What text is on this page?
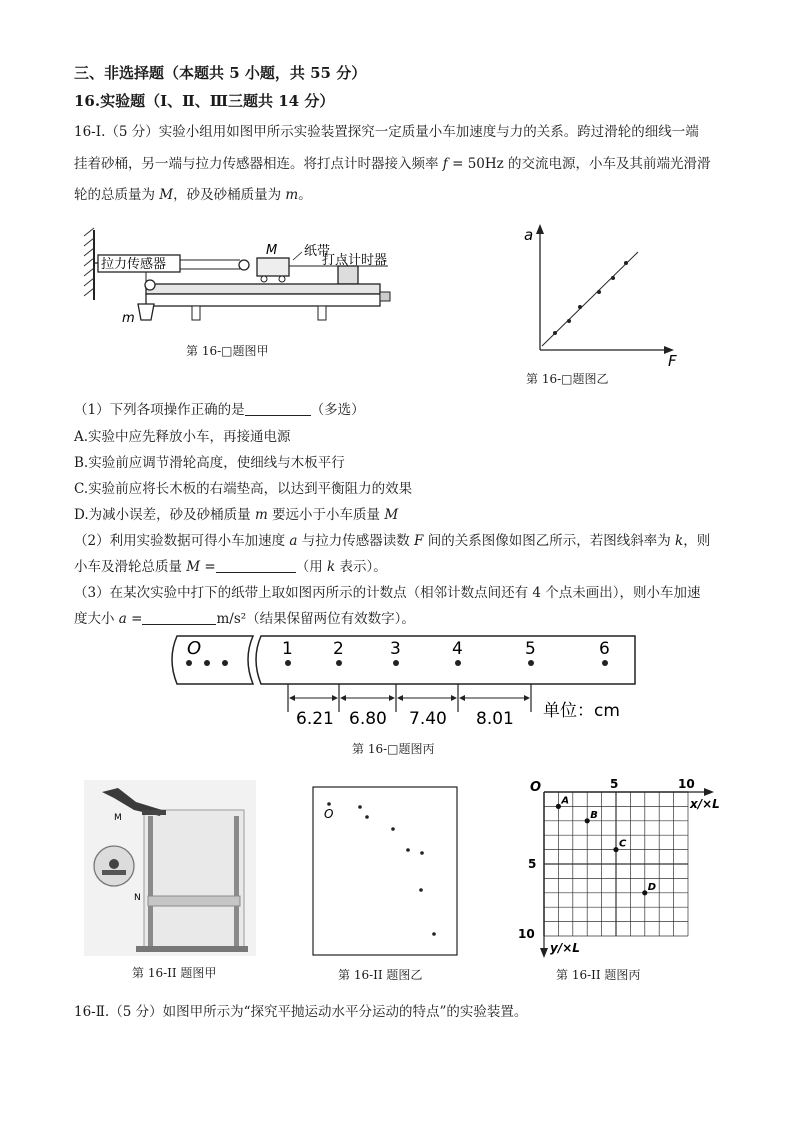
三、非选择题（本题共 5 小题，共 55 分）
16.实验题（Ⅰ、Ⅱ、Ⅲ三题共 14 分）
16-Ⅰ.（5 分）实验小组用如图甲所示实验装置探究一定质量小车加速度与力的关系。跨过滑轮的细线一端
挂着砂桶，另一端与拉力传感器相连。将打点计时器接入频率 f = 50Hz 的交流电源，小车及其前端光滑滑
轮的总质量为 M，砂及砂桶质量为 m。
拉力传感器
M 纸带
打点计时器
m
第 16-□题图甲
a
F
第 16-□题图乙
（1）下列各项操作正确的是	（多选）
A.实验中应先释放小车，再接通电源
B.实验前应调节滑轮高度，使细线与木板平行
C.实验前应将长木板的右端垫高，以达到平衡阻力的效果
D.为减小误差，砂及砂桶质量 m 要远小于小车质量 M
（2）利用实验数据可得小车加速度 a 与拉力传感器读数 F 间的关系图像如图乙所示，若图线斜率为 k，则
小车及滑轮总质量 M =	（用 k 表示）。
（3）在某次实验中打下的纸带上取如图丙所示的计数点（相邻计数点间还有 4 个点未画出），则小车加速
度大小 a =	m/s²（结果保留两位有效数字）。
O	1 2	3	4	5	6
6.21 6.80 7.40 8.01 单位：cm
第 16-□题图丙
M
N
第 16-II 题图甲
O
第 16-II 题图乙
O	5	10
x/×L
5
10
y/×L
A
B
C
D
第 16-II 题图丙
16-Ⅱ.（5 分）如图甲所示为“探究平抛运动水平分运动的特点”的实验装置。
